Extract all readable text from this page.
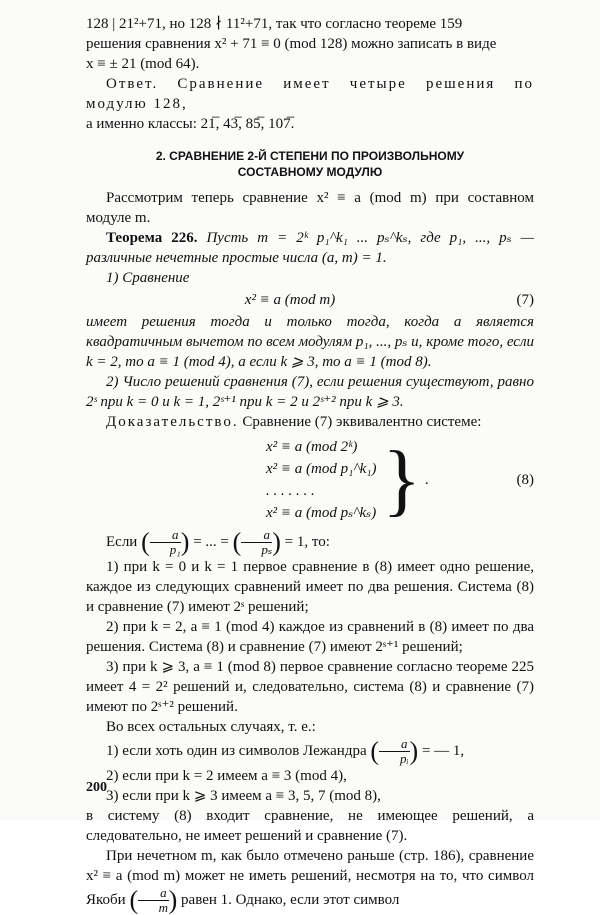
128 | 21²+71, но 128 ∤ 11²+71, так что согласно теореме 159

решения сравнения x² + 71 ≡ 0 (mod 128) можно записать в виде

x ≡ ± 21 (mod 64).

Ответ. Сравнение имеет четыре решения по модулю 128,

а именно классы: 21̅, 43̅, 85̅, 107̅.

2. СРАВНЕНИЕ 2-Й СТЕПЕНИ ПО ПРОИЗВОЛЬНОМУ
СОСТАВНОМУ МОДУЛЮ

Рассмотрим теперь сравнение x² ≡ a (mod m) при составном модуле m.

Теорема 226. Пусть m = 2ᵏ p₁^k₁ ... pₛ^kₛ, где p₁, ..., pₛ — различные нечетные простые числа (a, m) = 1.

1) Сравнение

x² ≡ a (mod m)	(7)

имеет решения тогда и только тогда, когда a является квадратичным вычетом по всем модулям p₁, ..., pₛ и, кроме того, если k = 2, то a ≡ 1 (mod 4), а если k ⩾ 3, то a ≡ 1 (mod 8).

2) Число решений сравнения (7), если решения существуют, равно 2ˢ при k = 0 и k = 1, 2ˢ⁺¹ при k = 2 и 2ˢ⁺² при k ⩾ 3.

Доказательство. Сравнение (7) эквивалентно системе:

x² ≡ a (mod 2ᵏ)
x² ≡ a (mod p₁^k₁)
. . . . . . .
x² ≡ a (mod pₛ^kₛ) } .	(8)

Если ( $\frac{a}{\text{p₁}}$ ) = ... = ( $\frac{a}{\text{pₛ}}$ ) = 1, то:

1) при k = 0 и k = 1 первое сравнение в (8) имеет одно решение, каждое из следующих сравнений имеет по два решения. Система (8) и сравнение (7) имеют 2ˢ решений;

2) при k = 2, a ≡ 1 (mod 4) каждое из сравнений в (8) имеет по два решения. Система (8) и сравнение (7) имеют 2ˢ⁺¹ решений;

3) при k ⩾ 3, a ≡ 1 (mod 8) первое сравнение согласно теореме 225 имеет 4 = 2² решений и, следовательно, система (8) и сравнение (7) имеют по 2ˢ⁺² решений.

Во всех остальных случаях, т. е.:

1) если хоть один из символов Лежандра ( $\frac{a}{\text{pᵢ}}$ ) = — 1,

2) если при k = 2 имеем a ≡ 3 (mod 4),

3) если при k ⩾ 3 имеем a ≡ 3, 5, 7 (mod 8),

в систему (8) входит сравнение, не имеющее решений, а следовательно, не имеет решений и сравнение (7).

При нечетном m, как было отмечено раньше (стр. 186), сравнение x² ≡ a (mod m) может не иметь решений, несмотря на то, что символ Якоби ( $\frac{a}{m}$ ) равен 1. Однако, если этот символ

200
